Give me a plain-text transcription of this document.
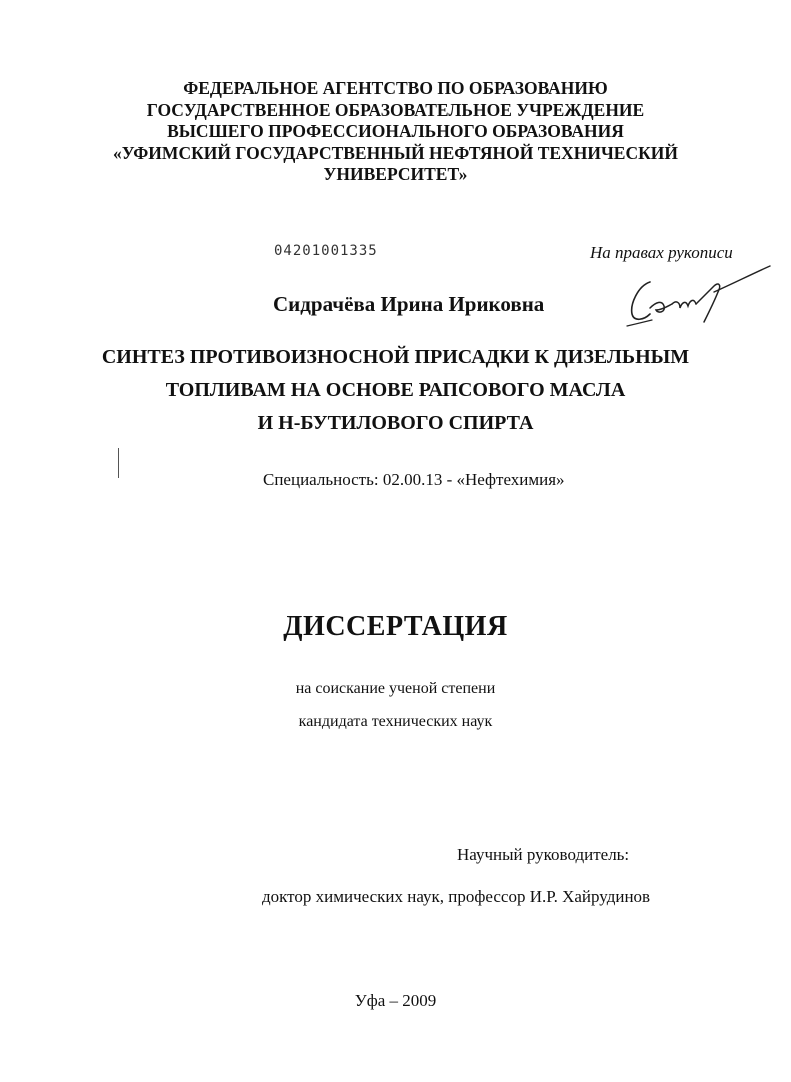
ФЕДЕРАЛЬНОЕ АГЕНТСТВО ПО ОБРАЗОВАНИЮ
ГОСУДАРСТВЕННОЕ ОБРАЗОВАТЕЛЬНОЕ УЧРЕЖДЕНИЕ
ВЫСШЕГО ПРОФЕССИОНАЛЬНОГО ОБРАЗОВАНИЯ
«УФИМСКИЙ ГОСУДАРСТВЕННЫЙ НЕФТЯНОЙ ТЕХНИЧЕСКИЙ
УНИВЕРСИТЕТ»
04201001335	На правах рукописи
Сидрачёва Ирина Ириковна
СИНТЕЗ ПРОТИВОИЗНОСНОЙ ПРИСАДКИ К ДИЗЕЛЬНЫМ
ТОПЛИВАМ НА ОСНОВЕ РАПСОВОГО МАСЛА
И Н-БУТИЛОВОГО СПИРТА
Специальность: 02.00.13 - «Нефтехимия»
ДИССЕРТАЦИЯ
на соискание ученой степени
кандидата технических наук
Научный руководитель:
доктор химических наук, профессор И.Р. Хайрудинов
Уфа – 2009
